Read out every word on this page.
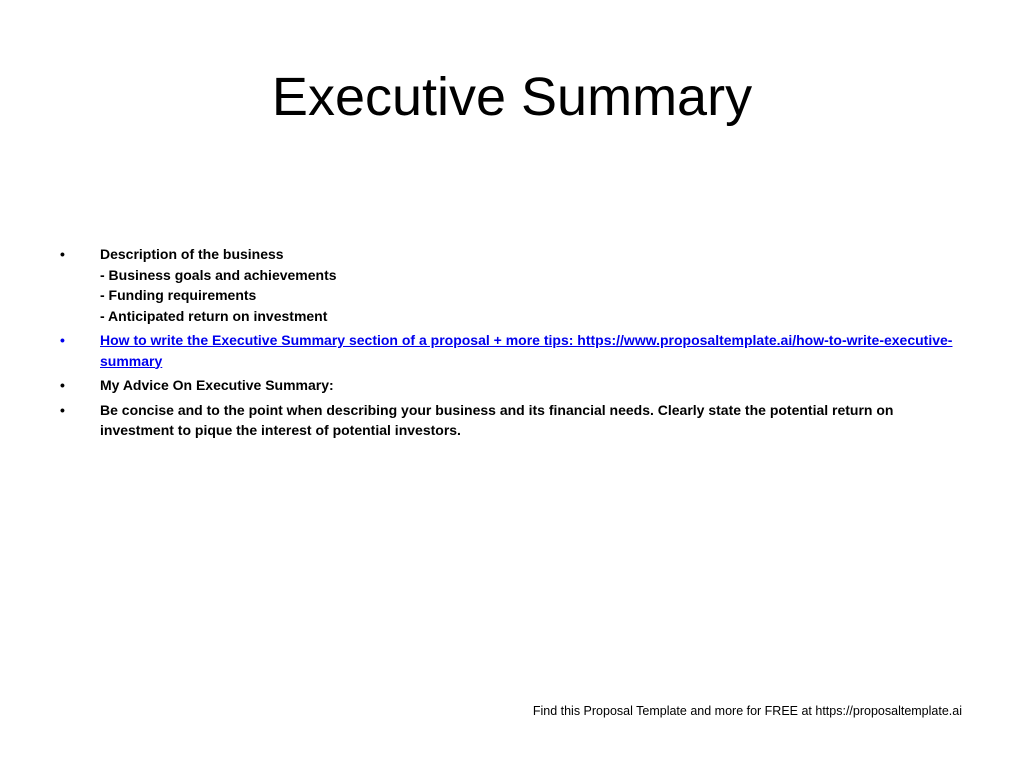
Executive Summary
•	Description of the business
- Business goals and achievements
- Funding requirements
- Anticipated return on investment
•	How to write the Executive Summary section of a proposal + more tips: https://www.proposaltemplate.ai/how-to-write-executive-summary
•	My Advice On Executive Summary:
•	Be concise and to the point when describing your business and its financial needs. Clearly state the potential return on investment to pique the interest of potential investors.
Find this Proposal Template and more for FREE at https://proposaltemplate.ai
